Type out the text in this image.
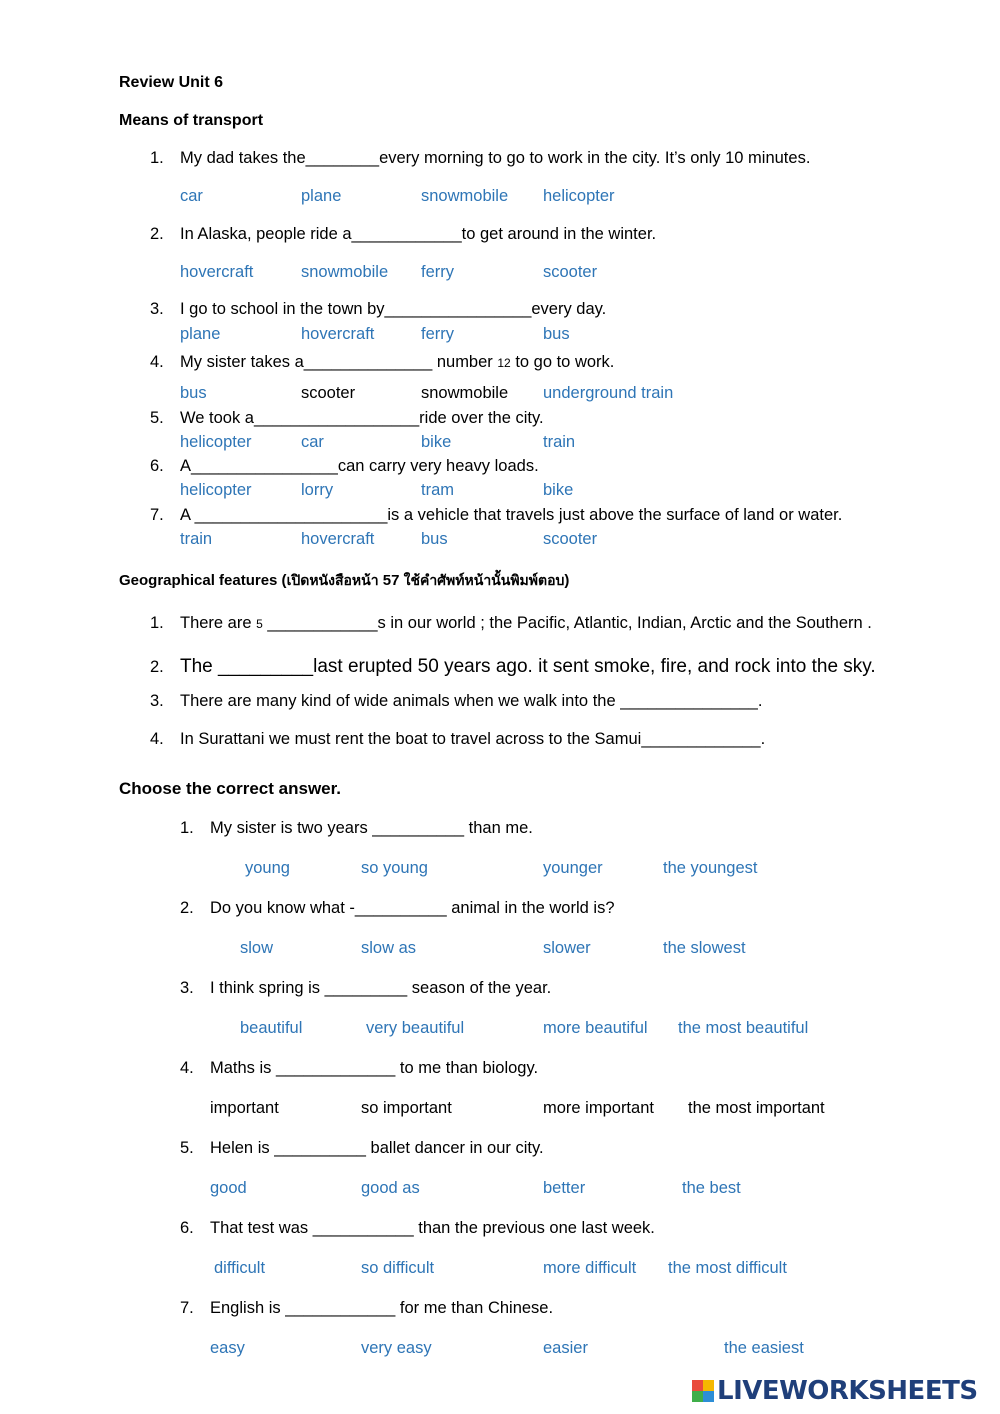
Review Unit 6
Means of transport
1. My dad takes the________every morning to go to work in the city. It’s only 10 minutes.
car	plane	snowmobile helicopter
2. In Alaska, people ride a____________to get around in the winter.
hovercraft	snowmobile ferry	scooter
3. I go to school in the town by________________every day.
plane	hovercraft	ferry	bus
4. My sister takes a______________ number 12 to go to work.
bus	scooter	snowmobile underground train
5. We took a__________________ride over the city.
helicopter	car	bike	train
6. A________________can carry very heavy loads.
helicopter	lorry	tram	bike
7. A _____________________is a vehicle that travels just above the surface of land or water.
train	hovercraft	bus	scooter
Geographical features (เปิดหนังสือหน้า 57 ใช้คำศัพท์หน้านั้นพิมพ์ตอบ)
1. There are 5 ____________s in our world ; the Pacific, Atlantic, Indian, Arctic and the Southern .
2. The _________last erupted 50 years ago. it sent smoke, fire, and rock into the sky.
3. There are many kind of wide animals when we walk into the _______________.
4. In Surattani we must rent the boat to travel across to the Samui_____________.
Choose the correct answer.
1. My sister is two years __________ than me.
young	so young	younger	the youngest
2. Do you know what -__________ animal in the world is?
slow	slow as	slower	the slowest
3. I think spring is _________ season of the year.
beautiful	very beautiful	more beautiful the most beautiful
4. Maths is _____________ to me than biology.
important	so important	more important the most important
5. Helen is __________ ballet dancer in our city.
good	good as	better	the best
6. That test was ___________ than the previous one last week.
difficult	so difficult	more difficult the most difficult
7. English is ____________ for me than Chinese.
easy	very easy	easier	the easiest
LIVEWORKSHEETS
